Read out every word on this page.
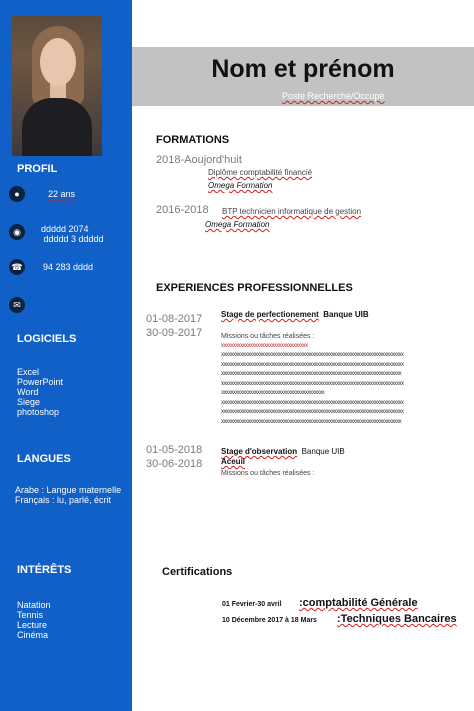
PROFIL
●	22 ans
◉	ddddd 2074
ddddd 3 ddddd
☎ 94 283 dddd
✉
LOGICIELS
Excel
PowerPoint
Word
Siege
photoshop
LANGUES
Arabe : Langue maternelle
Français : lu, parlé, écrit
INTÉRÊTS
Natation
Tennis
Lecture
Cinéma
Nom et prénom
Poste Recherché/Occupé
FORMATIONS
2018-Aoujord'huit
Diplôme comptabilité financié
Omega Formation
2016-2018 BTP technicien informatique de gestion
Omega Formation
EXPERIENCES PROFESSIONNELLES
01-08-2017
30-09-2017
Stage de perfectionement Banque UIB
Missions ou tâches réalisées :
xxxxxxxxxxxxxxxxxxxxxxxxxxxxxxxxxxxx
xxxxxxxxxxxxxxxxxxxxxxxxxxxxxxxxxxxxxxxxxxxxxxxxxxxxxxxxxxxxxxxxxxxxxxxxxxxx
xxxxxxxxxxxxxxxxxxxxxxxxxxxxxxxxxxxxxxxxxxxxxxxxxxxxxxxxxxxxxxxxxxxxxxxxxxxx
xxxxxxxxxxxxxxxxxxxxxxxxxxxxxxxxxxxxxxxxxxxxxxxxxxxxxxxxxxxxxxxxxxxxxxxxxxx
xxxxxxxxxxxxxxxxxxxxxxxxxxxxxxxxxxxxxxxxxxxxxxxxxxxxxxxxxxxxxxxxxxxxxxxxxxxx
xxxxxxxxxxxxxxxxxxxxxxxxxxxxxxxxxxxxxxxxxxx
xxxxxxxxxxxxxxxxxxxxxxxxxxxxxxxxxxxxxxxxxxxxxxxxxxxxxxxxxxxxxxxxxxxxxxxxxxxx
xxxxxxxxxxxxxxxxxxxxxxxxxxxxxxxxxxxxxxxxxxxxxxxxxxxxxxxxxxxxxxxxxxxxxxxxxxxx
xxxxxxxxxxxxxxxxxxxxxxxxxxxxxxxxxxxxxxxxxxxxxxxxxxxxxxxxxxxxxxxxxxxxxxxxxxx
01-05-2018
30-06-2018
Stage d'observation Banque UIB
Aceuil
Missions ou tâches réalisées :
Certifications
01 Fevrier-30 avril :comptabilité Générale
10 Décembre 2017 à 18 Mars :Techniques Bancaires
